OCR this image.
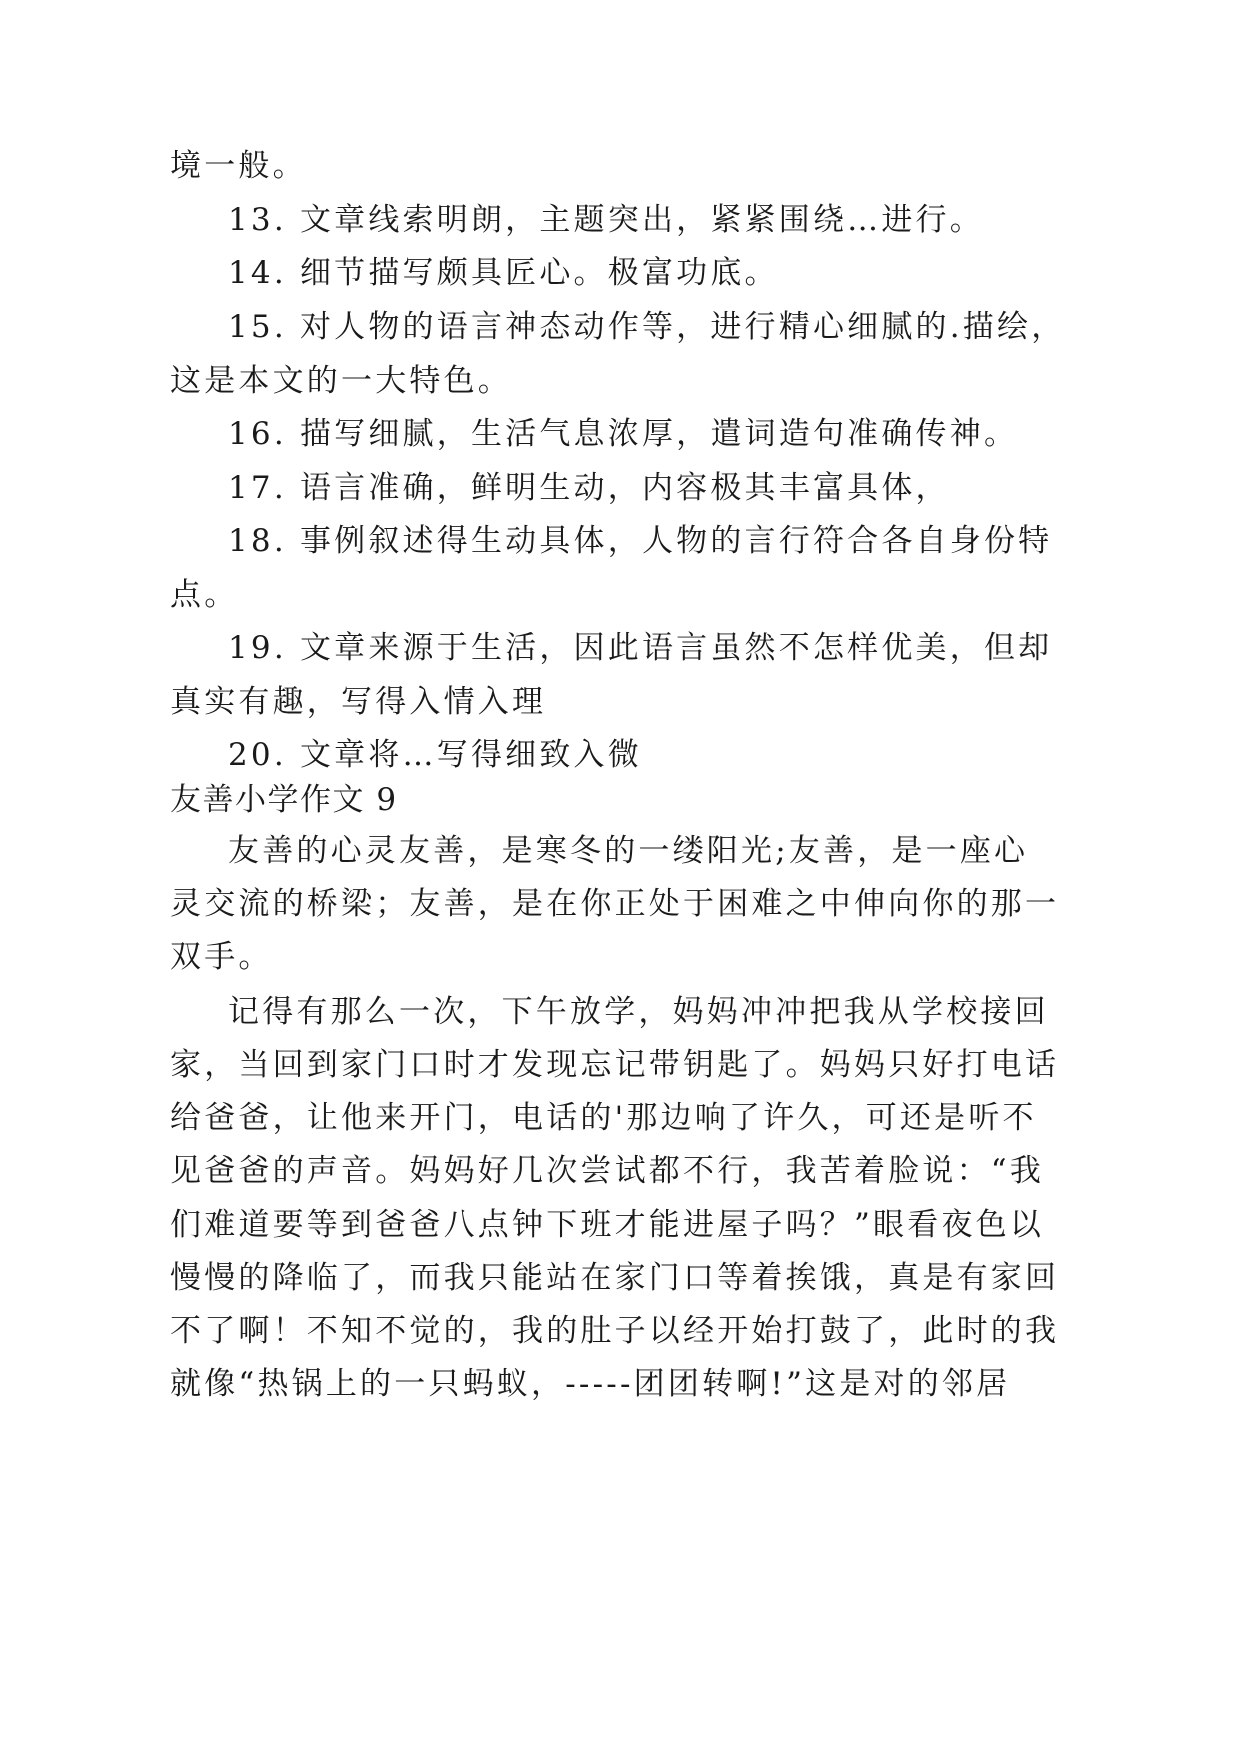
境一般。
13. 文章线索明朗，主题突出，紧紧围绕…进行。
14. 细节描写颇具匠心。极富功底。
15. 对人物的语言神态动作等，进行精心细腻的.描绘，
这是本文的一大特色。
16. 描写细腻，生活气息浓厚，遣词造句准确传神。
17. 语言准确，鲜明生动，内容极其丰富具体，
18. 事例叙述得生动具体，人物的言行符合各自身份特
点。
19. 文章来源于生活，因此语言虽然不怎样优美，但却
真实有趣，写得入情入理
20. 文章将…写得细致入微
友善小学作文 9
友善的心灵友善，是寒冬的一缕阳光;友善，是一座心
灵交流的桥梁；友善，是在你正处于困难之中伸向你的那一
双手。
记得有那么一次，下午放学，妈妈冲冲把我从学校接回
家，当回到家门口时才发现忘记带钥匙了。妈妈只好打电话
给爸爸，让他来开门，电话的'那边响了许久，可还是听不
见爸爸的声音。妈妈好几次尝试都不行，我苦着脸说：“我
们难道要等到爸爸八点钟下班才能进屋子吗？”眼看夜色以
慢慢的降临了，而我只能站在家门口等着挨饿，真是有家回
不了啊！不知不觉的，我的肚子以经开始打鼓了，此时的我
就像“热锅上的一只蚂蚁，-----团团转啊!”这是对的邻居
